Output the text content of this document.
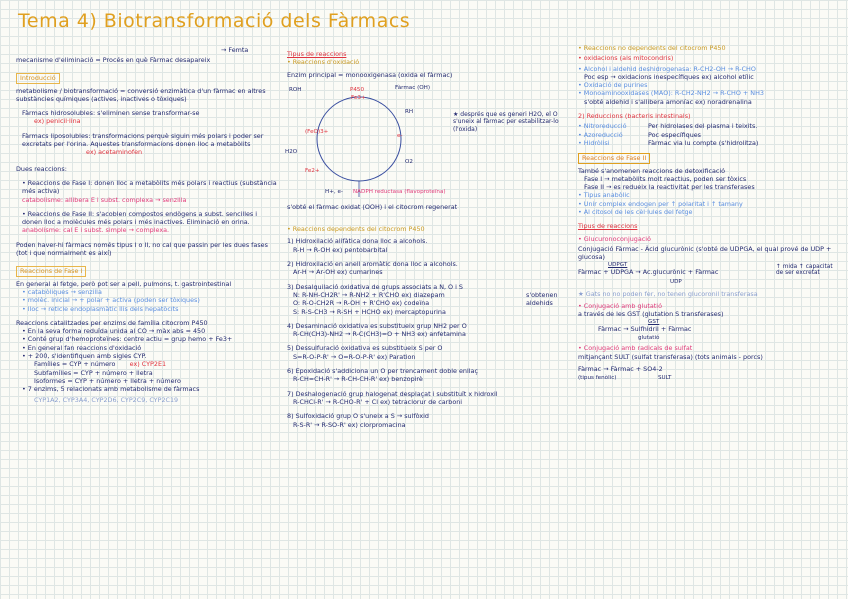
Tema 4) Biotransformació dels Fàrmacs
→ Femta

mecanisme d'eliminació = Procés en què Fàrmac desapareix

Introducció

metabolisme / biotransformació = conversió enzimàtica d'un fàrmac en altres substàncies químiques (actives, inactives o tòxiques)

Fàrmacs hidrosolubles: s'eliminen sense transformar-se

ex) penicil·lina

Fàrmacs liposolubles: transformacions perquè siguin més polars i poder ser excretats per l'orina. Aquestes transformacions donen lloc a metabòlits

ex) acetaminofen

Dues reaccions:

• Reaccions de Fase I: donen lloc a metabòlits més polars i reactius (substància més activa)

catabolisme: allibera E i subst. complexa → senzilla

• Reaccions de Fase II: s'acoblen compostos endògens a subst. sencilles i donen lloc a molècules més polars i més inactives. Eliminació en orina.

anabolisme: cal E i subst. simple → complexa.

Poden haver-hi fàrmacs només tipus I o II, no cal que passin per les dues fases (tot i que normalment es així)

Reaccions de Fase I

En general al fetge, però pot ser a pell, pulmons, t. gastrointestinal

• catabòliques → senzilla

• molèc. inicial → + polar + activa (poden ser tòxiques)

• lloc → reticle endoplasmàtic llis dels hepatòcits

Reaccions catalitzades per enzims de família citocrom P450

• En la seva forma reduïda unida al CO → màx abs = 450

• Conté grup d'hemoproteïnes: centre actiu = grup hemo + Fe3+

• En general fan reaccions d'oxidació

• + 200, s'identifiquen amb sigles CYP.

Famílies = CYP + número ex) CYP2E1

Subfamílies = CYP + número + lletra

Isoformes = CYP + número + lletra + número

• 7 enzims, 5 relacionats amb metabolisme de fàrmacs

CYP1A2, CYP3A4, CYP2D6, CYP2C9, CYP2C19

Tipus de reaccions

• Reaccions d'oxidació

Enzim principal = monooxigenasa (oxida el fàrmac)

P450
Fe3+
Fàrmac (OH)
ROH
H2O
(FeO)3+
Fe2+
e-
RH
O2
NADPH reductasa (flavoproteïna)
H+, e-
★ després que es generi H2O, el O s'uneix al fàrmac per estabilitzar-lo (l'oxida)

s'obté el fàrmac oxidat (OOH) i el citocrom regenerat

• Reaccions dependents del citocrom P450

1) Hidroxilació alifàtica dona lloc a alcohols.

R-H → R-OH ex) pentobarbital

2) Hidroxilació en anell aromàtic dona lloc a alcohols.

Ar-H → Ar-OH ex) cumarines

3) Desalquilació oxidativa de grups associats a N, O i S

N: R-NH-CH2R' → R-NH2 + R'CHO ex) diazepam

O: R-O-CH2R → R-OH + R'CHO ex) codeïna

S: R-S-CH3 → R-SH + HCHO ex) mercaptopurina

s'obtenen aldehids

4) Desaminació oxidativa es substitueix grup NH2 per O

R-CH(CH3)-NH2 → R-C(CH3)=O + NH3 ex) anfetamina

5) Dessulfuració oxidativa es substitueix S per O

S=R-O-P-R' → O=R-O-P-R' ex) Paration

6) Epoxidació s'addiciona un O per trencament doble enllaç

R-CH=CH-R' → R-CH-CH-R' ex) benzopirè

7) Deshalogenació grup halogenat desplaçat i substituït x hidroxil

R-CHCl-R' → R-CHO-R' + Cl ex) tetraclorur de carboni

8) Sulfoxidació grup O s'uneix a S → sulfòxid

R-S-R' → R-SO-R' ex) clorpromacina

• Reaccions no dependents del citocrom P450

• oxidacions (als mitocondris)

• Alcohol i aldehid deshidrogenasa: R-CH2-OH → R-CHO

Poc esp → oxidacions inespecífiques ex) alcohol etílic

• Oxidació de purines

• Monoaminooxidases (MAO): R-CH2-NH2 → R-CHO + NH3

s'obté aldehid i s'allibera amoníac ex) noradrenalina

2) Reduccions (bacteris intestinals)

• Nitroreducció	Per hidrolases del plasma i teixits.
• Azoreducció	Poc específiques
• Hidròlisi	Fàrmac via lu compte (s'hidrolitza)
Reaccions de Fase II

També s'anomenen reaccions de detoxificació

Fase I → metabòlits molt reactius, poden ser tòxics

Fase II → es redueix la reactivitat per les transferases

• Tipus anabòlic

• Unir complex endogen per ↑ polaritat i ↑ tamany

• Al citosol de les cèl·lules del fetge

Tipus de reaccions

• Glucuronoconjugació

Conjugació Fàrmac - Àcid glucurònic (s'obté de UDPGA, el qual prové de UDP + glucosa)

UDPGT
Fàrmac + UDPGA → Ac.glucurònic + Fàrmac
UDP
↑ mida ↑ capacitat de ser excretat

★ Gats no no poden fer, no tenen glucoronil transferasa

• Conjugació amb glutatió

a través de les GST (glutation S transferases)

GST
Fàrmac → Sulfhidril + Fàrmac
glutatió

• Conjugació amb radicals de sulfat

mitjançant SULT (sulfat transferasa) (tots animals - porcs)

Fàrmac → Fàrmac + SO4-2
(tipus fenòlic)	SULT
